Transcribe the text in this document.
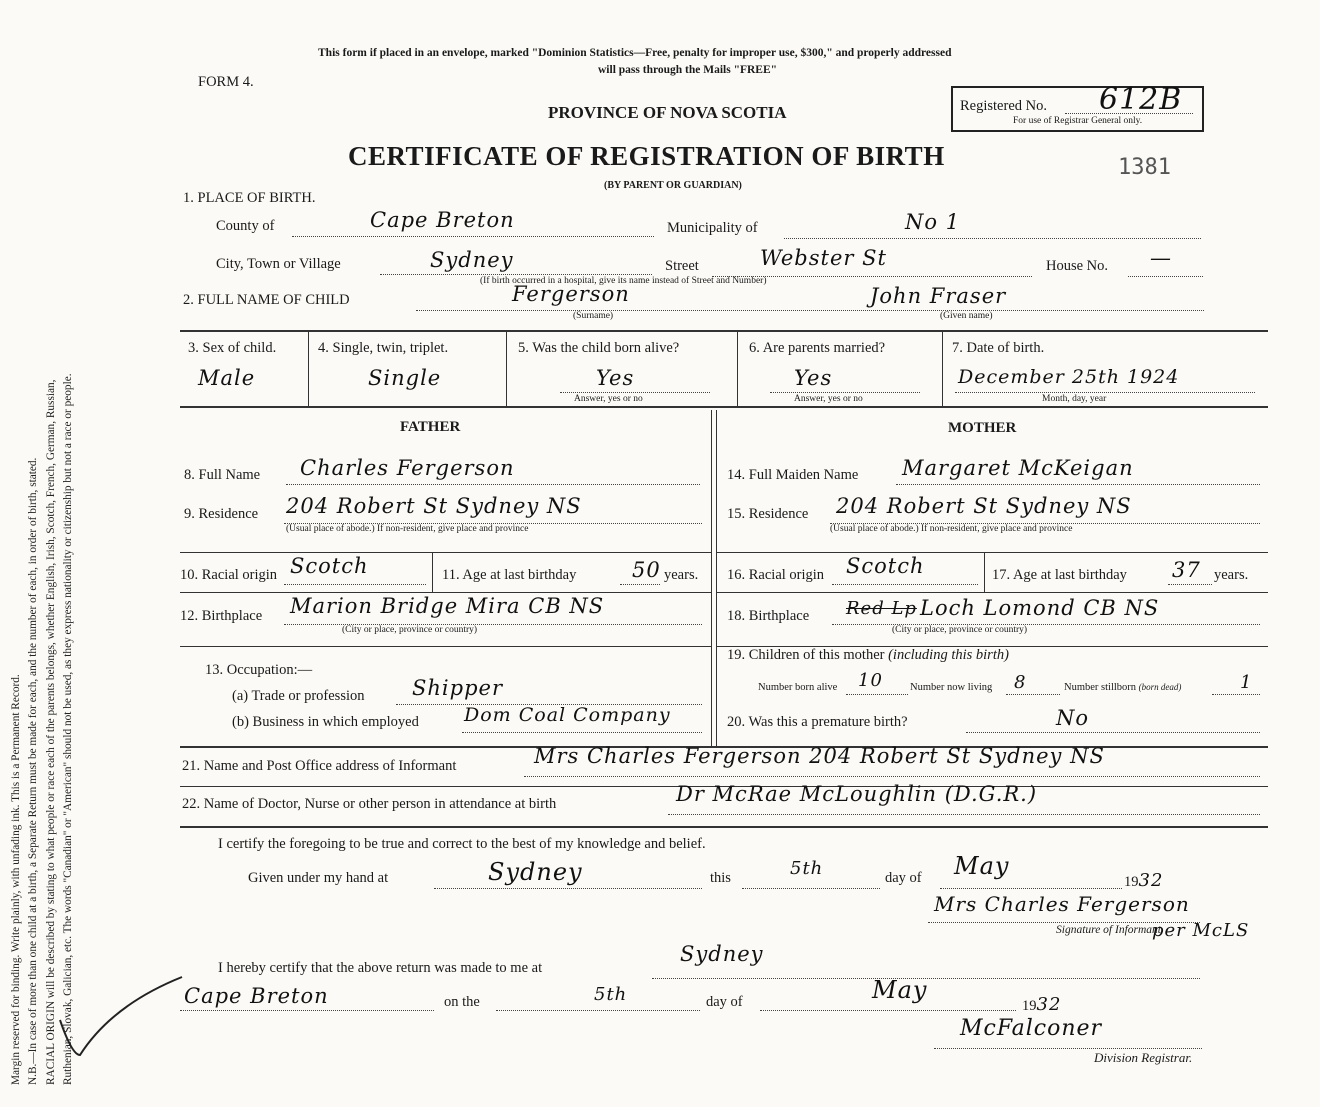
Margin reserved for binding. Write plainly, with unfading ink. This is a Permanent Record. N.B.—In case of more than one child at a birth, a Separate Return must be made for each, and the number of each, in order of birth, stated. RACIAL ORIGIN will be described by stating to what people or race each of the parents belongs, whether English, Irish, Scotch, French, German, Russian, Ruthenian, Slovak, Galician, etc. The words "Canadian" or "American" should not be used, as they express nationality or citizenship but not a race or people.
This form if placed in an envelope, marked "Dominion Statistics—Free, penalty for improper use, $300," and properly addressed
will pass through the Mails "FREE"
FORM 4.
PROVINCE OF NOVA SCOTIA
CERTIFICATE OF REGISTRATION OF BIRTH
(BY PARENT OR GUARDIAN)
Registered No. 612B
For use of Registrar General only.
1381
1. PLACE OF BIRTH.
County of	Cape Breton	Municipality of	No 1
City, Town or Village	Sydney	Street	Webster St	House No. —
(If birth occurred in a hospital, give its name instead of Street and Number)
2. FULL NAME OF CHILD	Fergerson
(Surname)
John Fraser
(Given name)
3. Sex of child.
Male
4. Single, twin, triplet.
Single
5. Was the child born alive?
Yes
Answer, yes or no
6. Are parents married?
Yes
Answer, yes or no
7. Date of birth.
December 25th 1924
Month, day, year
FATHER	MOTHER
8. Full Name Charles Fergerson
9. Residence 204 Robert St Sydney NS
(Usual place of abode.) If non-resident, give place and province
10. Racial origin Scotch	11. Age at last birthday	50 years.
12. Birthplace Marion Bridge Mira CB NS
(City or place, province or country)
13. Occupation:—
(a) Trade or profession Shipper
(b) Business in which employed Dom Coal Company
14. Full Maiden Name Margaret McKeigan
15. Residence 204 Robert St Sydney NS
(Usual place of abode.) If non-resident, give place and province
16. Racial origin Scotch	17. Age at last birthday 37 years.
18. Birthplace Red Lp Loch Lomond CB NS
(City or place, province or country)
19. Children of this mother (including this birth)
Number born alive 10	Number now living 8	Number stillborn (born dead)	1
20. Was this a premature birth?	No
21. Name and Post Office address of Informant	Mrs Charles Fergerson 204 Robert St Sydney NS
22. Name of Doctor, Nurse or other person in attendance at birth	Dr McRae McLoughlin (D.G.R.)
I certify the foregoing to be true and correct to the best of my knowledge and belief.
Given under my hand at	Sydney	this	5th	day of May
1932
Mrs Charles Fergerson
Signature of Informant
per McLS
I hereby certify that the above return was made to me at
Sydney
Cape Breton	on the	5th	day of	May
1932
McFalconer
Division Registrar.
